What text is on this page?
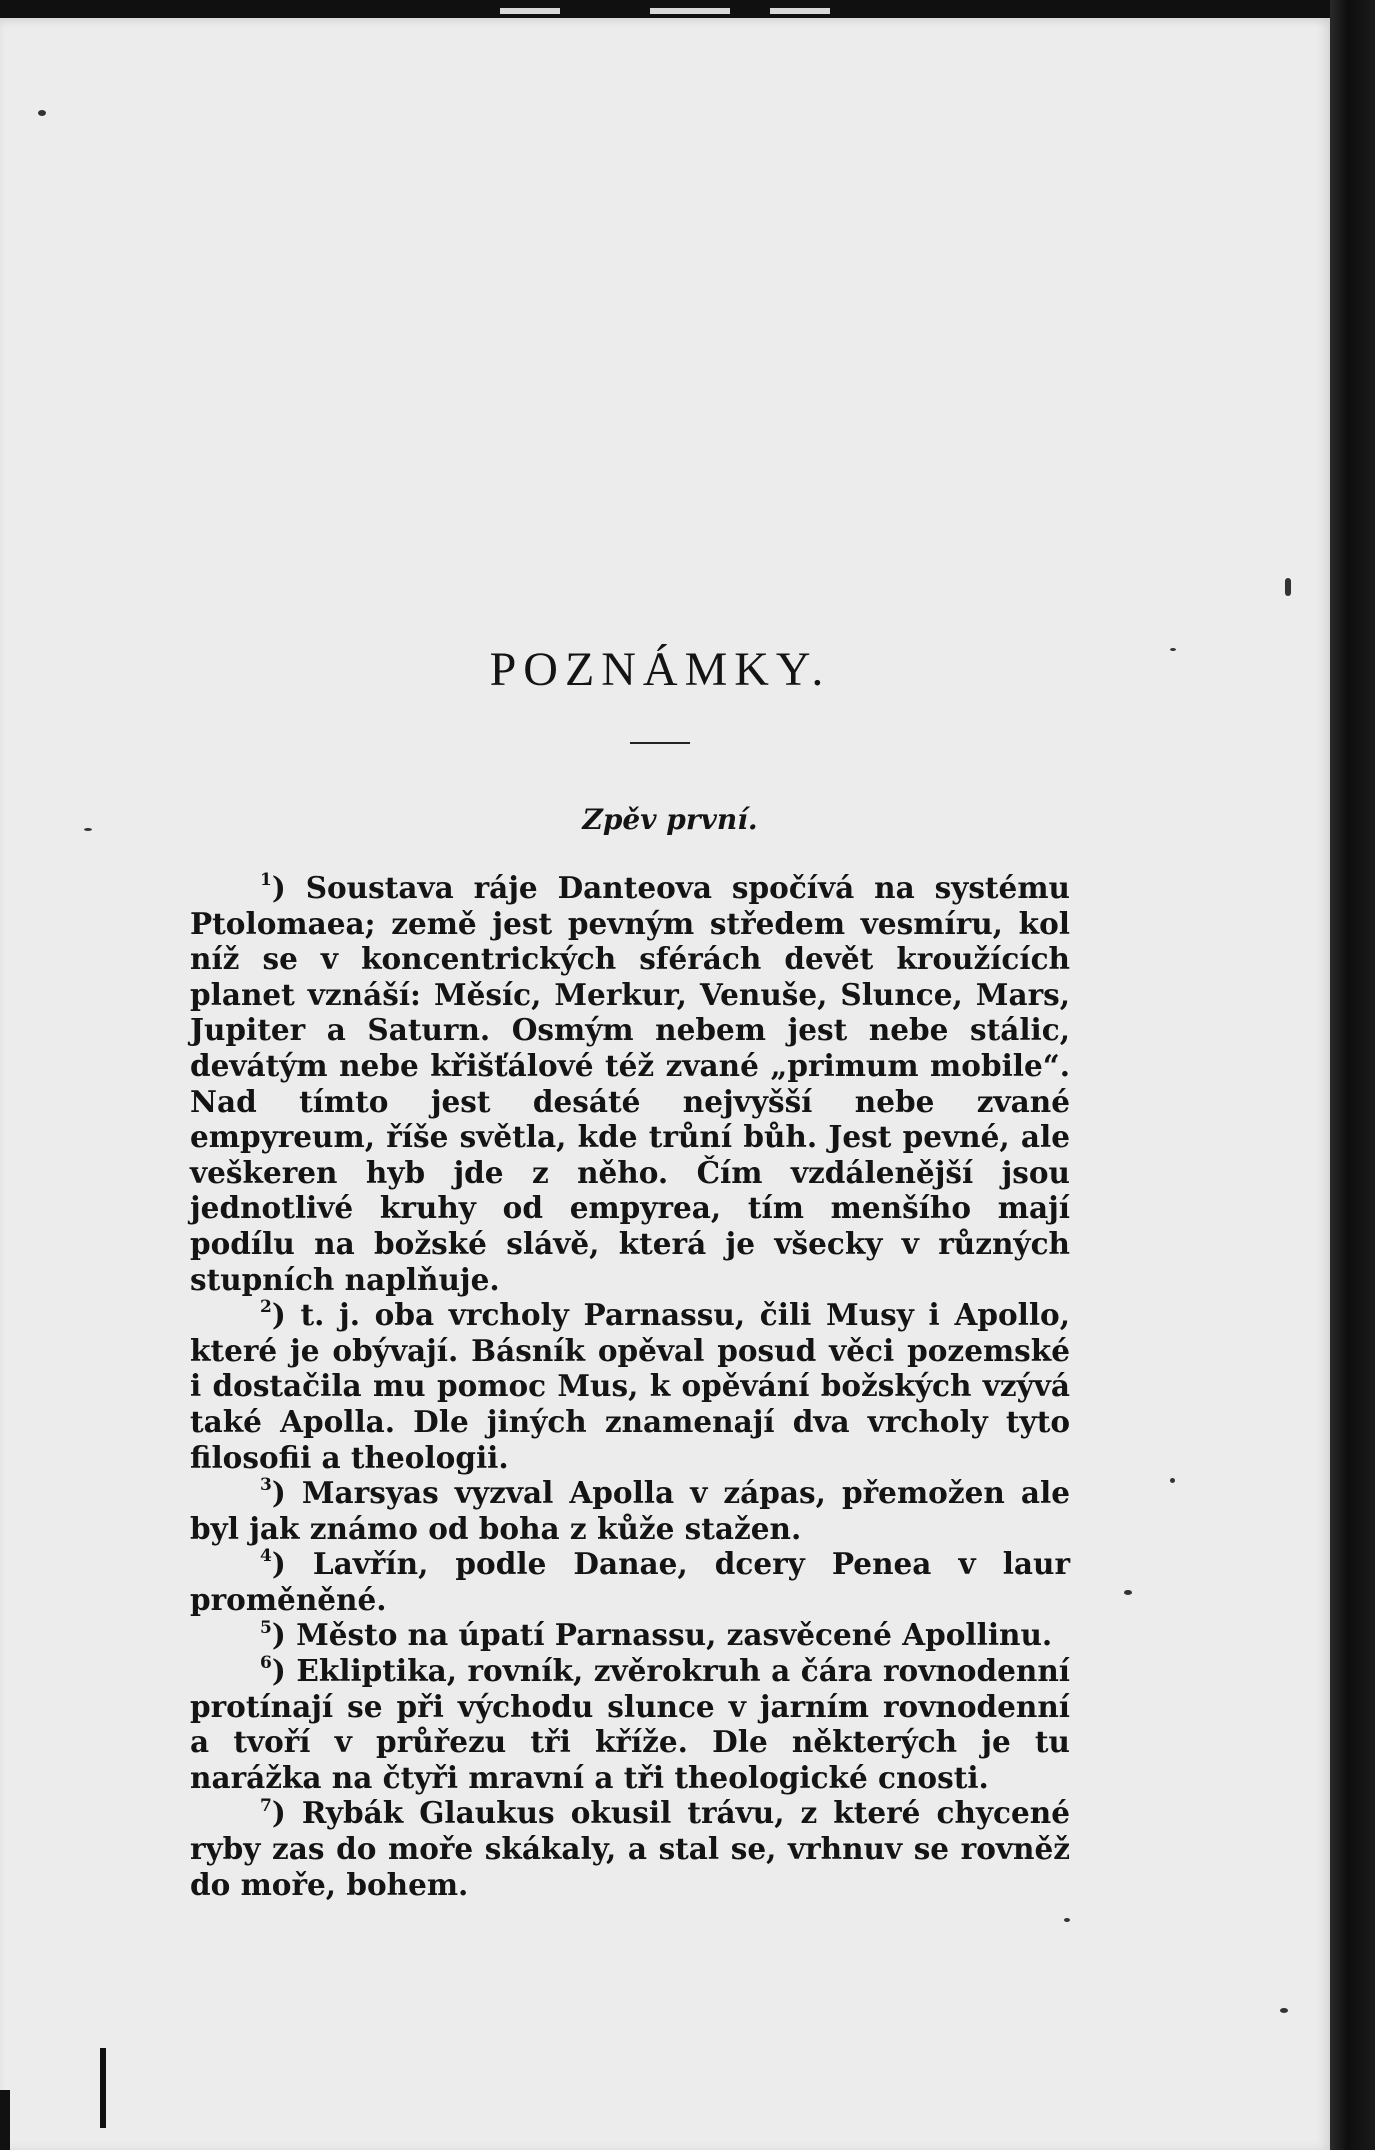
POZNÁMKY.
Zpěv první.

$^1$) Soustava ráje Danteova spočívá na systému Ptolomaea; země jest pevným středem vesmíru, kol níž se v koncentrických sférách devět kroužících planet vznáší: Měsíc, Merkur, Venuše, Slunce, Mars, Jupiter a Saturn. Osmým nebem jest nebe stálic, devátým nebe křišťálové též zvané „primum mobile“. Nad tímto jest desáté nejvyšší nebe zvané empyreum, říše světla, kde trůní bůh. Jest pevné, ale veškeren hyb jde z něho. Čím vzdálenější jsou jednotlivé kruhy od empyrea, tím menšího mají podílu na božské slávě, která je všecky v různých stupních naplňuje.

$^2$) t. j. oba vrcholy Parnassu, čili Musy i Apollo, které je obývají. Básník opěval posud věci pozemské i dostačila mu pomoc Mus, k opěvání božských vzývá také Apolla. Dle jiných znamenají dva vrcholy tyto filosofii a theologii.

$^3$) Marsyas vyzval Apolla v zápas, přemožen ale byl jak známo od boha z kůže stažen.

$^4$) Lavřín, podle Danae, dcery Penea v laur proměněné.

$^5$) Město na úpatí Parnassu, zasvěcené Apollinu.

$^6$) Ekliptika, rovník, zvěrokruh a čára rovnodenní protínají se při východu slunce v jarním rovnodenní a tvoří v průřezu tři kříže. Dle některých je tu narážka na čtyři mravní a tři theologické cnosti.

$^7$) Rybák Glaukus okusil trávu, z které chycené ryby zas do moře skákaly, a stal se, vrhnuv se rovněž do moře, bohem.
